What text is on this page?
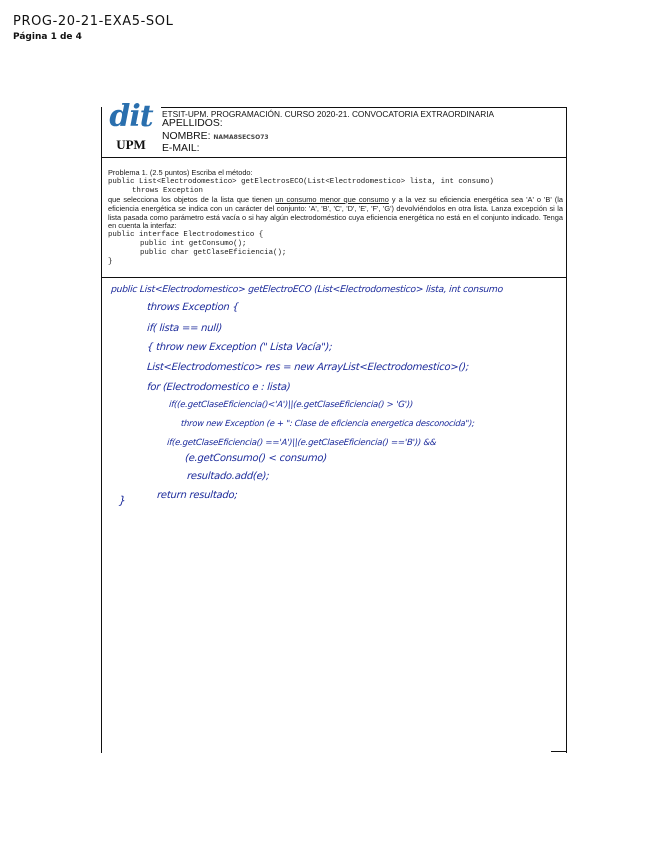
PROG-20-21-EXA5-SOL
Página 1 de 4
dit
UPM
ETSIT-UPM. PROGRAMACIÓN. CURSO 2020-21. CONVOCATORIA EXTRAORDINARIA
APELLIDOS:
NOMBRE: NAMA8SECSO73
E-MAIL:

Problema 1. (2.5 puntos) Escriba el método:

public List<Electrodomestico> getElectrosECO(List<Electrodomestico> lista, int consumo)

throws Exception

que selecciona los objetos de la lista que tienen un consumo menor que consumo y a la vez su eficiencia energética sea 'A' o 'B' (la eficiencia energética se indica con un carácter del conjunto: 'A', 'B', 'C', 'D', 'E', 'F', 'G') devolviéndolos en otra lista. Lanza excepción si la lista pasada como parámetro está vacía o si hay algún electrodoméstico cuya eficiencia energética no está en el conjunto indicado. Tenga en cuenta la interfaz:

public interface Electrodomestico {

public int getConsumo();

public char getClaseEficiencia();

}

public List<Electrodomestico> getElectroECO (List<Electrodomestico> lista, int consumo
throws Exception {
if( lista == null)
{ throw new Exception (" Lista Vacía");
List<Electrodomestico> res = new ArrayList<Electrodomestico>();
for (Electrodomestico e : lista)
if((e.getClaseEficiencia()<'A')||(e.getClaseEficiencia() > 'G'))
throw new Exception (e + ": Clase de eficiencia energetica desconocida");
if(e.getClaseEficiencia() =='A')||(e.getClaseEficiencia() =='B')) &&
(e.getConsumo() < consumo)
resultado.add(e);
return resultado;
}
